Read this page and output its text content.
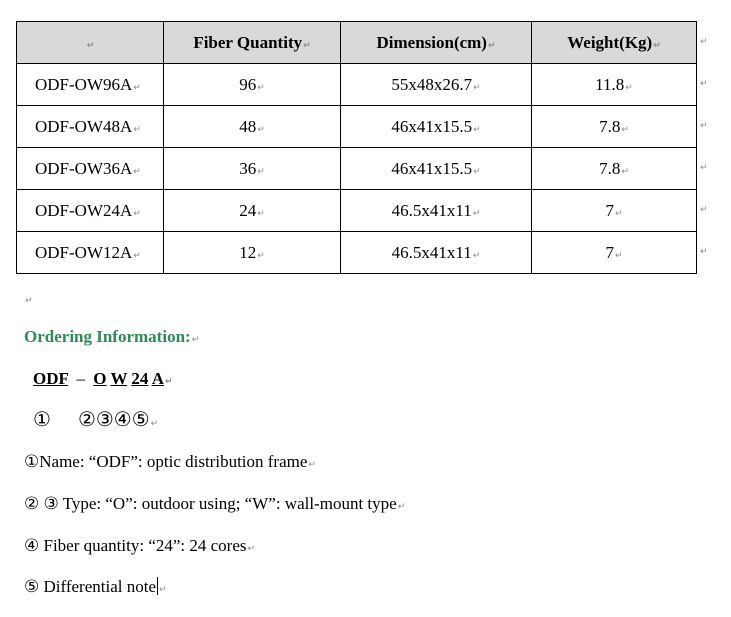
↵	Fiber Quantity↵	Dimension(cm)↵	Weight(Kg)↵
ODF-OW96A↵	96↵	55x48x26.7↵	11.8↵
ODF-OW48A↵	48↵	46x41x15.5↵	7.8↵
ODF-OW36A↵	36↵	46x41x15.5↵	7.8↵
ODF-OW24A↵	24↵	46.5x41x11↵	7↵
ODF-OW12A↵	12↵	46.5x41x11↵	7↵
↵
↵
↵
↵
↵
↵
↵
Ordering Information:↵
ODF – O W 24 A↵
① ②③④⑤↵
①Name: “ODF”: optic distribution frame↵
② ③ Type: “O”: outdoor using; “W”: wall-mount type↵
④ Fiber quantity: “24”: 24 cores↵
⑤ Differential note ↵
